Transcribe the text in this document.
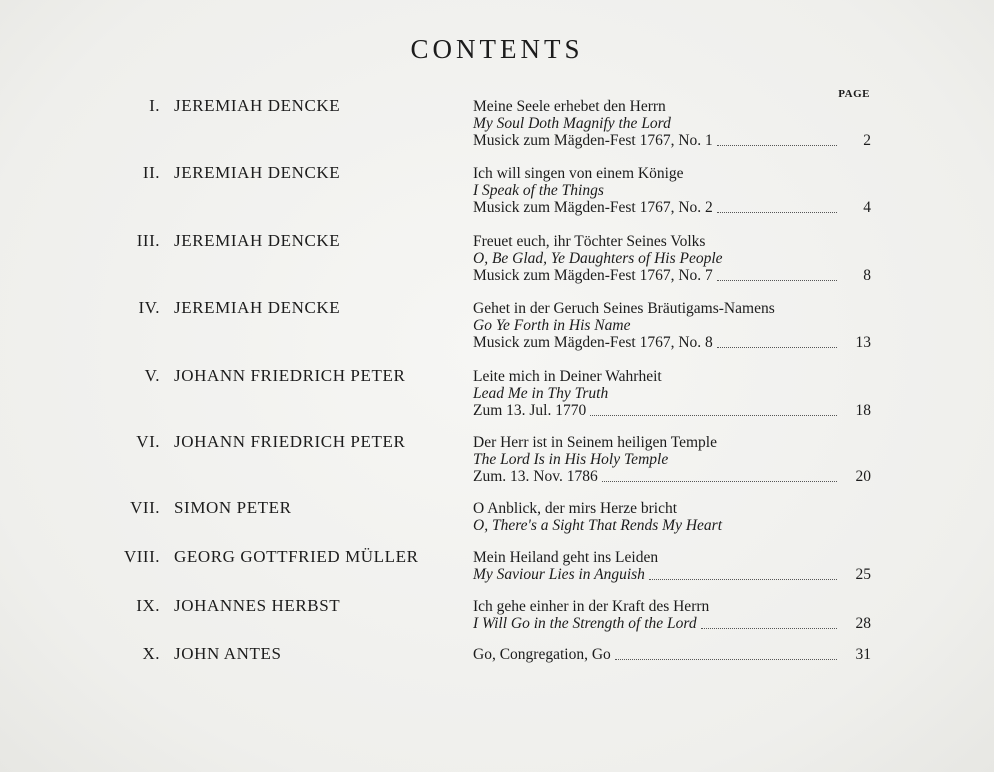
CONTENTS
PAGE
I. JEREMIAH DENCKE	Meine Seele erhebet den Herrn
My Soul Doth Magnify the Lord
Musick zum Mägden-Fest 1767, No. 1	2
II. JEREMIAH DENCKE	Ich will singen von einem Könige
I Speak of the Things
Musick zum Mägden-Fest 1767, No. 2	4
III. JEREMIAH DENCKE	Freuet euch, ihr Töchter Seines Volks
O, Be Glad, Ye Daughters of His People
Musick zum Mägden-Fest 1767, No. 7	8
IV. JEREMIAH DENCKE	Gehet in der Geruch Seines Bräutigams-Namens
Go Ye Forth in His Name
Musick zum Mägden-Fest 1767, No. 8	13
V. JOHANN FRIEDRICH PETER	Leite mich in Deiner Wahrheit
Lead Me in Thy Truth
Zum 13. Jul. 1770	18
VI. JOHANN FRIEDRICH PETER	Der Herr ist in Seinem heiligen Temple
The Lord Is in His Holy Temple
Zum. 13. Nov. 1786	20
VII. SIMON PETER	O Anblick, der mirs Herze bricht
O, There's a Sight That Rends My Heart
VIII. GEORG GOTTFRIED MÜLLER	Mein Heiland geht ins Leiden
My Saviour Lies in Anguish	25
IX. JOHANNES HERBST	Ich gehe einher in der Kraft des Herrn
I Will Go in the Strength of the Lord	28
X. JOHN ANTES	Go, Congregation, Go	31
